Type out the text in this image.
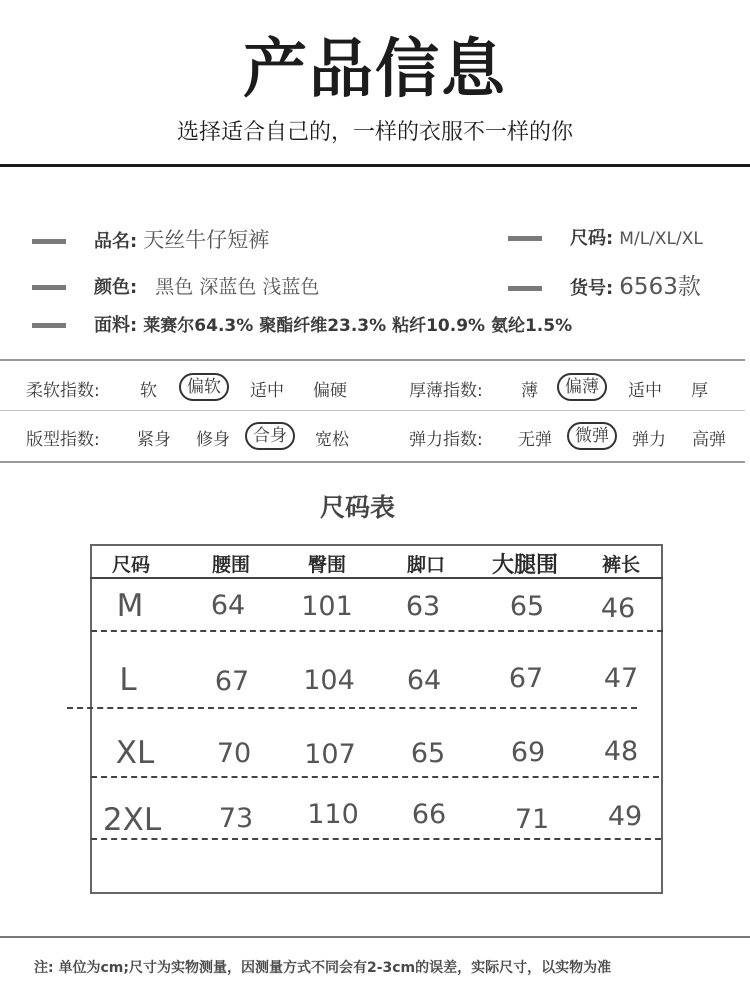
产品信息
选择适合自己的，一样的衣服不一样的你
品名: 天丝牛仔短裤	尺码: M/L/XL/XL
颜色: 黑色 深蓝色 浅蓝色	货号: 6563款
面料: 莱赛尔64.3% 聚酯纤维23.3% 粘纤10.9% 氨纶1.5%
柔软指数: 软	偏软	适中 偏硬	厚薄指数: 薄	偏薄	适中 厚
版型指数: 紧身 修身	合身	宽松	弹力指数: 无弹	微弹	弹力 高弹
尺码表
尺码	腰围	臀围	脚口	大腿围	裤长
M	64	101	63	65	46
L	67	104	64	67	47
XL	70	107	65	69	48
2XL	73	110	66	71	49
注: 单位为cm;尺寸为实物测量，因测量方式不同会有2-3cm的误差，实际尺寸，以实物为准
